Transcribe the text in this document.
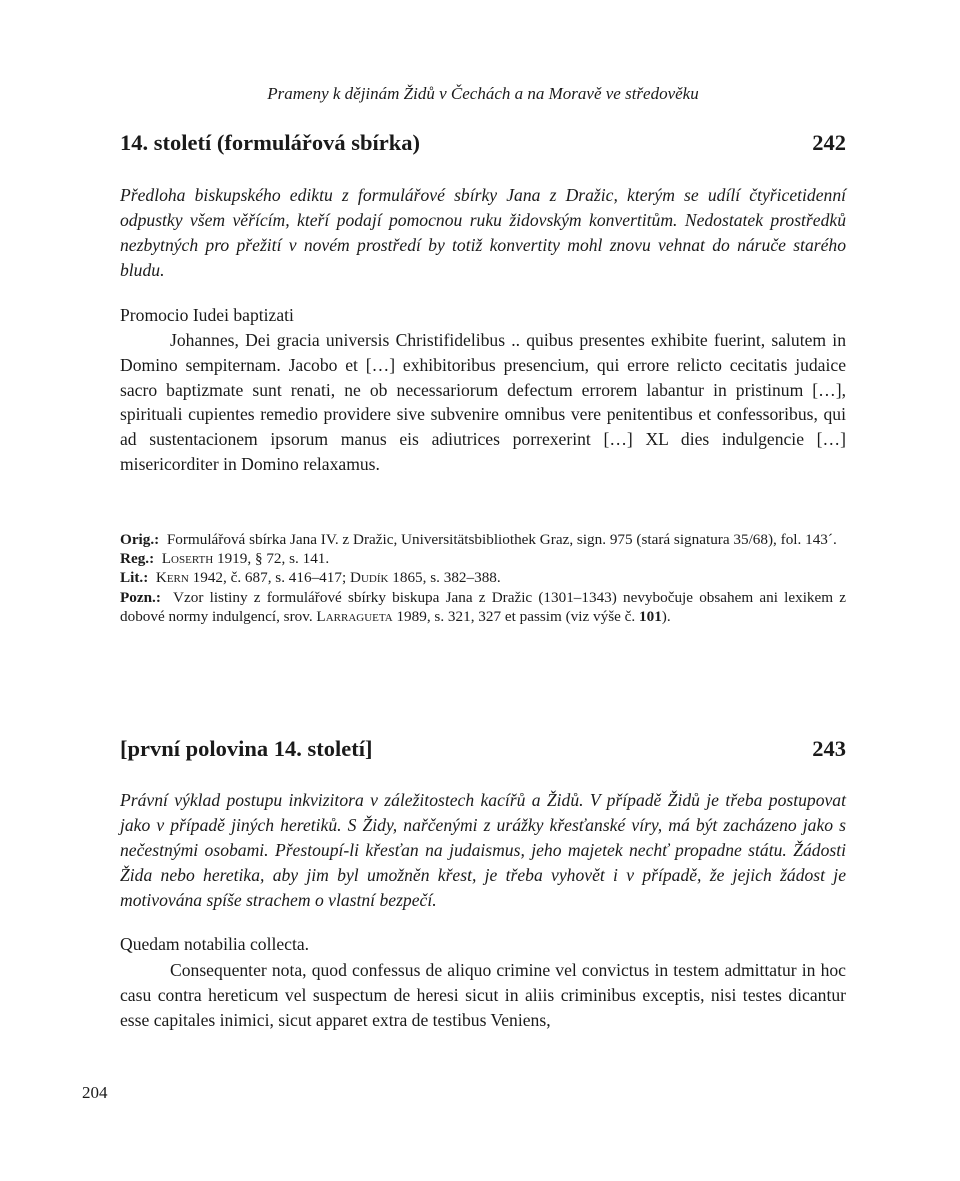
Prameny k dějinám Židů v Čechách a na Moravě ve středověku
14. století (formulářová sbírka)	242
Předloha biskupského ediktu z formulářové sbírky Jana z Dražic, kterým se udílí čtyřicetidenní odpustky všem věřícím, kteří podají pomocnou ruku židovským konvertitům. Nedostatek prostředků nezbytných pro přežití v novém prostředí by totiž konvertity mohl znovu vehnat do náruče starého bludu.
Promocio Iudei baptizati
Johannes, Dei gracia universis Christifidelibus .. quibus presentes exhibite fuerint, salutem in Domino sempiternam. Jacobo et […] exhibitoribus presencium, qui errore relicto cecitatis judaice sacro baptizmate sunt renati, ne ob necessariorum defectum errorem labantur in pristinum […], spirituali cupientes remedio providere sive subvenire omnibus vere penitentibus et confessoribus, qui ad sustentacionem ipsorum manus eis adiutrices porrexerint […] XL dies indulgencie […] misericorditer in Domino relaxamus.

Orig.: Formulářová sbírka Jana IV. z Dražic, Universitätsbibliothek Graz, sign. 975 (stará signatura 35/68), fol. 143´.

Reg.: Loserth 1919, § 72, s. 141.

Lit.: Kern 1942, č. 687, s. 416–417; Dudík 1865, s. 382–388.

Pozn.: Vzor listiny z formulářové sbírky biskupa Jana z Dražic (1301–1343) nevybočuje obsahem ani lexikem z dobové normy indulgencí, srov. Larragueta 1989, s. 321, 327 et passim (viz výše č. 101).

[první polovina 14. století]	243
Právní výklad postupu inkvizitora v záležitostech kacířů a Židů. V případě Židů je třeba postupovat jako v případě jiných heretiků. S Židy, nařčenými z urážky křesťanské víry, má být zacházeno jako s nečestnými osobami. Přestoupí-li křesťan na judaismus, jeho majetek nechť propadne státu. Žádosti Žida nebo heretika, aby jim byl umožněn křest, je třeba vyhovět i v případě, že jejich žádost je motivována spíše strachem o vlastní bezpečí.
Quedam notabilia collecta.
Consequenter nota, quod confessus de aliquo crimine vel convictus in testem admittatur in hoc casu contra hereticum vel suspectum de heresi sicut in aliis criminibus exceptis, nisi testes dicantur esse capitales inimici, sicut apparet extra de testibus Veniens,
204
